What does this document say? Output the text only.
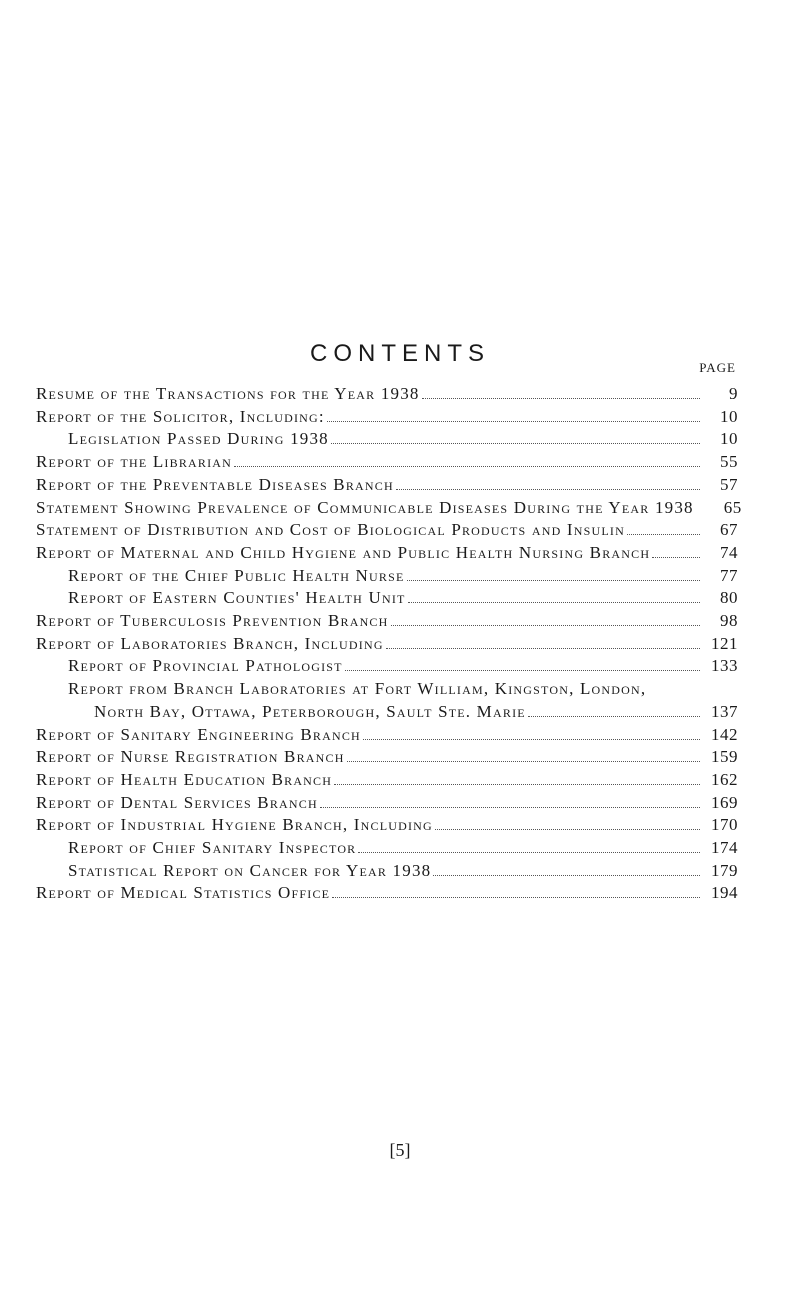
CONTENTS
PAGE
Resume of the Transactions for the Year 1938	9
Report of the Solicitor, Including:	10
Legislation Passed During 1938	10
Report of the Librarian	55
Report of the Preventable Diseases Branch	57
Statement Showing Prevalence of Communicable Diseases During the Year 1938	65
Statement of Distribution and Cost of Biological Products and Insulin	67
Report of Maternal and Child Hygiene and Public Health Nursing Branch	74
Report of the Chief Public Health Nurse	77
Report of Eastern Counties' Health Unit	80
Report of Tuberculosis Prevention Branch	98
Report of Laboratories Branch, Including	121
Report of Provincial Pathologist	133
Report from Branch Laboratories at Fort William, Kingston, London,
North Bay, Ottawa, Peterborough, Sault Ste. Marie	137
Report of Sanitary Engineering Branch	142
Report of Nurse Registration Branch	159
Report of Health Education Branch	162
Report of Dental Services Branch	169
Report of Industrial Hygiene Branch, Including	170
Report of Chief Sanitary Inspector	174
Statistical Report on Cancer for Year 1938	179
Report of Medical Statistics Office	194
[5]
